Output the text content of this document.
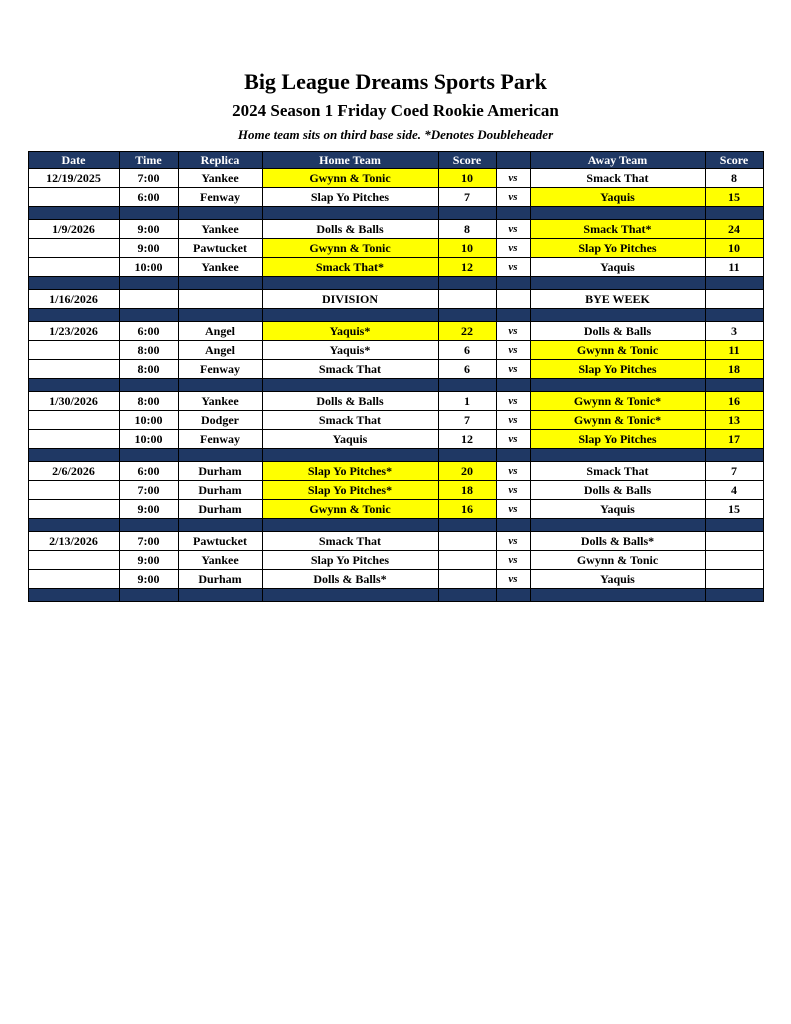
Big League Dreams Sports Park
2024 Season 1 Friday Coed Rookie American
Home team sits on third base side. *Denotes Doubleheader
Date	Time	Replica	Home Team	Score		Away Team	Score
12/19/2025	7:00	Yankee	Gwynn & Tonic	10	vs	Smack That	8
	6:00	Fenway	Slap Yo Pitches	7	vs	Yaquis	15

1/9/2026	9:00	Yankee	Dolls & Balls	8	vs	Smack That*	24
	9:00	Pawtucket	Gwynn & Tonic	10	vs	Slap Yo Pitches	10
	10:00	Yankee	Smack That*	12	vs	Yaquis	11

1/16/2026			DIVISION			BYE WEEK	

1/23/2026	6:00	Angel	Yaquis*	22	vs	Dolls & Balls	3
	8:00	Angel	Yaquis*	6	vs	Gwynn & Tonic	11
	8:00	Fenway	Smack That	6	vs	Slap Yo Pitches	18

1/30/2026	8:00	Yankee	Dolls & Balls	1	vs	Gwynn & Tonic*	16
	10:00	Dodger	Smack That	7	vs	Gwynn & Tonic*	13
	10:00	Fenway	Yaquis	12	vs	Slap Yo Pitches	17

2/6/2026	6:00	Durham	Slap Yo Pitches*	20	vs	Smack That	7
	7:00	Durham	Slap Yo Pitches*	18	vs	Dolls & Balls	4
	9:00	Durham	Gwynn & Tonic	16	vs	Yaquis	15

2/13/2026	7:00	Pawtucket	Smack That		vs	Dolls & Balls*	
	9:00	Yankee	Slap Yo Pitches		vs	Gwynn & Tonic	
	9:00	Durham	Dolls & Balls*		vs	Yaquis	
